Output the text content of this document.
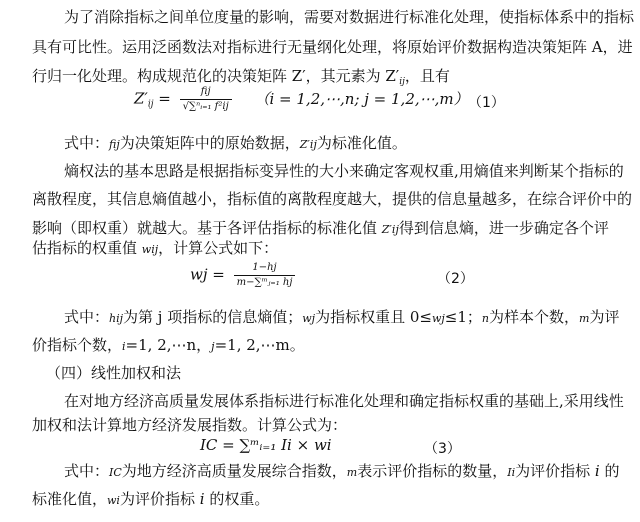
为了消除指标之间单位度量的影响，需要对数据进行标准化处理，使指标体系中的指标
具有可比性。运用泛函数法对指标进行无量纲化处理，将原始评价数据构造决策矩阵 A，进
行归一化处理。构成规范化的决策矩阵 Z′，其元素为 $Z'_{ij}$，且有
$Z'_{ij} = \frac{\text{fij}}{\text{√∑ⁿᵢ₌₁ f²ij}} (i$ = 1,2,⋯,n; j = 1,2,⋯,m） （1）
式中：fij为决策矩阵中的原始数据，Z′ij为标准化值。
熵权法的基本思路是根据指标变异性的大小来确定客观权重,用熵值来判断某个指标的
离散程度，其信息熵值越小，指标值的离散程度越大，提供的信息量越多，在综合评价中的
影响（即权重）就越大。基于各评估指标的标准化值 Z′ij得到信息熵，进一步确定各个评
估指标的权重值 wij，计算公式如下：
wj = $\frac{1-hj}{\text{m−∑ᵐⱼ₌₁ hj}}$	（2）
式中：hij为第 j 项指标的信息熵值；wj为指标权重且 0≤wj≤1；n为样本个数，m为评
价指标个数，i=1, 2,⋯n，j=1, 2,⋯m。
（四）线性加权和法
在对地方经济高质量发展体系指标进行标准化处理和确定指标权重的基础上,采用线性
加权和法计算地方经济发展指数。计算公式为：
IC = ∑ᵐᵢ₌₁ Ii × wi	（3）
式中：IC为地方经济高质量发展综合指数，m表示评价指标的数量，Ii为评价指标 i 的
标准化值，wi为评价指标 i 的权重。
